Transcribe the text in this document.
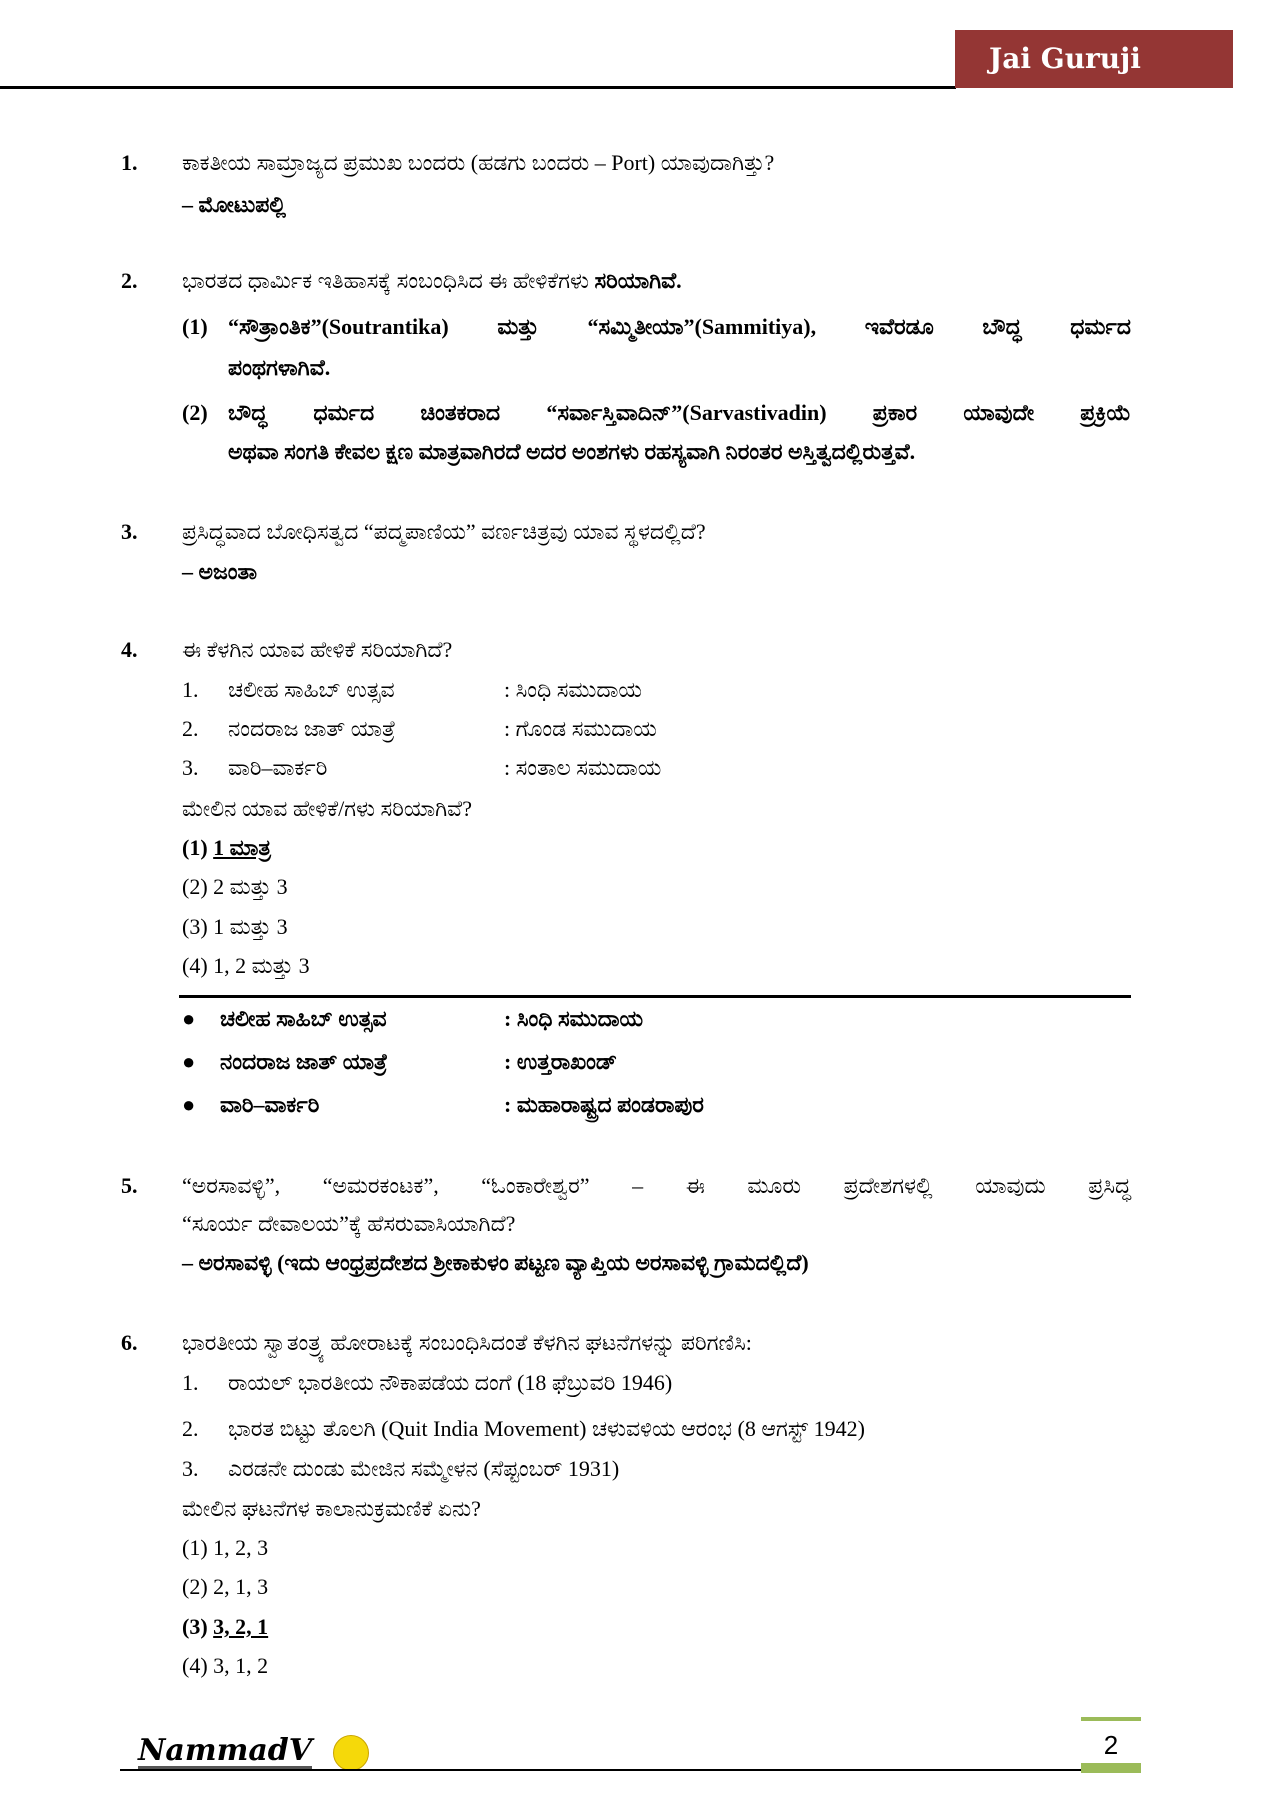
Jai Guruji
1. ಕಾಕತೀಯ ಸಾಮ್ರಾಜ್ಯದ ಪ್ರಮುಖ ಬಂದರು (ಹಡಗು ಬಂದರು – Port) ಯಾವುದಾಗಿತ್ತು?
– ಮೋಟುಪಲ್ಲಿ
2. ಭಾರತದ ಧಾರ್ಮಿಕ ಇತಿಹಾಸಕ್ಕೆ ಸಂಬಂಧಿಸಿದ ಈ ಹೇಳಿಕೆಗಳು ಸರಿಯಾಗಿವೆ.
(1) “ಸೌತ್ರಾಂತಿಕ”(Soutrantika) ಮತ್ತು “ಸಮ್ಮಿತೀಯಾ”(Sammitiya), ಇವೆರಡೂ ಬೌದ್ಧ ಧರ್ಮದ
ಪಂಥಗಳಾಗಿವೆ.
(2) ಬೌದ್ಧ ಧರ್ಮದ ಚಿಂತಕರಾದ “ಸರ್ವಾಸ್ತಿವಾದಿನ್”(Sarvastivadin) ಪ್ರಕಾರ ಯಾವುದೇ ಪ್ರಕ್ರಿಯೆ
ಅಥವಾ ಸಂಗತಿ ಕೇವಲ ಕ್ಷಣ ಮಾತ್ರವಾಗಿರದೆ ಅದರ ಅಂಶಗಳು ರಹಸ್ಯವಾಗಿ ನಿರಂತರ ಅಸ್ತಿತ್ವದಲ್ಲಿರುತ್ತವೆ.
3. ಪ್ರಸಿದ್ಧವಾದ ಬೋಧಿಸತ್ವದ “ಪದ್ಮಪಾಣಿಯ” ವರ್ಣಚಿತ್ರವು ಯಾವ ಸ್ಥಳದಲ್ಲಿದೆ?
– ಅಜಂತಾ
4. ಈ ಕೆಳಗಿನ ಯಾವ ಹೇಳಿಕೆ ಸರಿಯಾಗಿದೆ?
1. ಚಲೀಹ ಸಾಹಿಬ್ ಉತ್ಸವ	: ಸಿಂಧಿ ಸಮುದಾಯ
2. ನಂದರಾಜ ಜಾತ್ ಯಾತ್ರೆ	: ಗೊಂಡ ಸಮುದಾಯ
3. ವಾರಿ–ವಾರ್ಕರಿ	: ಸಂತಾಲ ಸಮುದಾಯ
ಮೇಲಿನ ಯಾವ ಹೇಳಿಕೆ/ಗಳು ಸರಿಯಾಗಿವೆ?
(1) 1 ಮಾತ್ರ
(2) 2 ಮತ್ತು 3
(3) 1 ಮತ್ತು 3
(4) 1, 2 ಮತ್ತು 3
● ಚಲೀಹ ಸಾಹಿಬ್ ಉತ್ಸವ	: ಸಿಂಧಿ ಸಮುದಾಯ
● ನಂದರಾಜ ಜಾತ್ ಯಾತ್ರೆ	: ಉತ್ತರಾಖಂಡ್
● ವಾರಿ–ವಾರ್ಕರಿ	: ಮಹಾರಾಷ್ಟ್ರದ ಪಂಡರಾಪುರ
5. “ಅರಸಾವಳ್ಳಿ”, “ಅಮರಕಂಟಕ”, “ಓಂಕಾರೇಶ್ವರ” – ಈ ಮೂರು ಪ್ರದೇಶಗಳಲ್ಲಿ ಯಾವುದು ಪ್ರಸಿದ್ಧ
“ಸೂರ್ಯ ದೇವಾಲಯ”ಕ್ಕೆ ಹೆಸರುವಾಸಿಯಾಗಿದೆ?
– ಅರಸಾವಳ್ಳಿ (ಇದು ಆಂಧ್ರಪ್ರದೇಶದ ಶ್ರೀಕಾಕುಳಂ ಪಟ್ಟಣ ವ್ಯಾಪ್ತಿಯ ಅರಸಾವಳ್ಳಿ ಗ್ರಾಮದಲ್ಲಿದೆ)
6. ಭಾರತೀಯ ಸ್ವಾತಂತ್ರ್ಯ ಹೋರಾಟಕ್ಕೆ ಸಂಬಂಧಿಸಿದಂತೆ ಕೆಳಗಿನ ಘಟನೆಗಳನ್ನು ಪರಿಗಣಿಸಿ:
1. ರಾಯಲ್ ಭಾರತೀಯ ನೌಕಾಪಡೆಯ ದಂಗೆ (18 ಫೆಬ್ರುವರಿ 1946)
2. ಭಾರತ ಬಿಟ್ಟು ತೊಲಗಿ (Quit India Movement) ಚಳುವಳಿಯ ಆರಂಭ (8 ಆಗಸ್ಟ್ 1942)
3. ಎರಡನೇ ದುಂಡು ಮೇಜಿನ ಸಮ್ಮೇಳನ (ಸೆಪ್ಟಂಬರ್ 1931)
ಮೇಲಿನ ಘಟನೆಗಳ ಕಾಲಾನುಕ್ರಮಣಿಕೆ ಏನು?
(1) 1, 2, 3
(2) 2, 1, 3
(3) 3, 2, 1
(4) 3, 1, 2
NammadV	2
